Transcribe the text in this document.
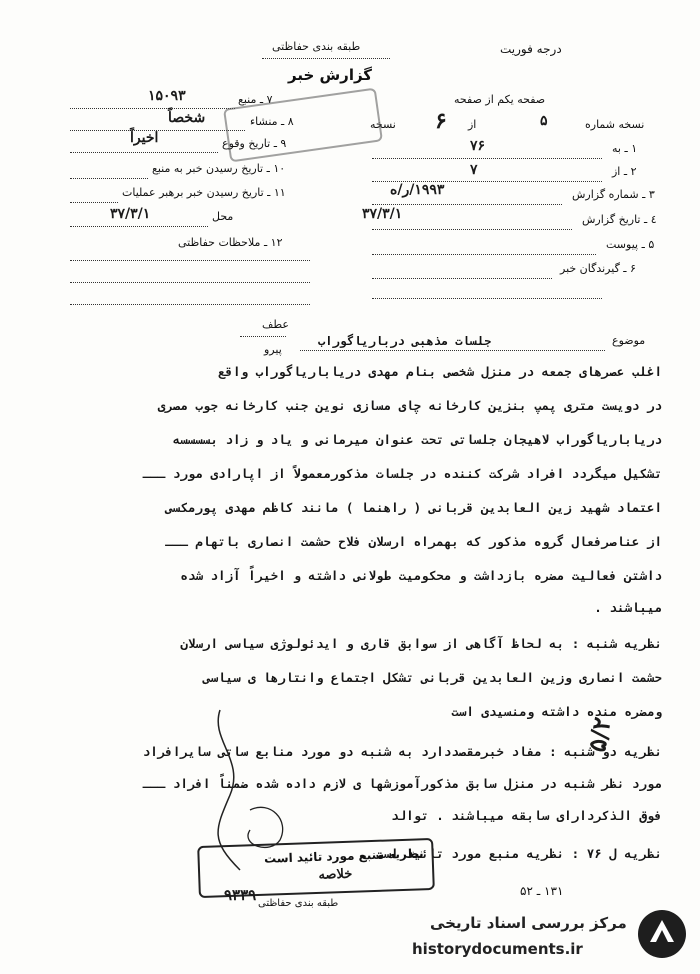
درجه فوریت
طبقه بندی حفاظتی
گزارش خبر
صفحه یکم از صفحه
نسخه شماره
۵
از
۶
نسخه
۱ ـ به
۷۶
۲ ـ از
۷
۳ ـ شماره گزارش
۱۹۹۳/ر/ه
٤ ـ تاریخ گزارش
۳۷/۳/۱
۵ ـ پیوست
۶ ـ گیرندگان خبر
۷ ـ منبع
۱۵۰۹۳
۸ ـ منشاء
شخصاً
۹ ـ تاریخ وقوع
اخیراً
۱۰ ـ تاریخ رسیدن خبر به منبع
۱۱ ـ تاریخ رسیدن خبر برهبر عملیات
محل
۳۷/۳/۱
۱۲ ـ ملاحظات حفاظتی
عطف
پیرو
موضوع
جلسات مذهبی درباریاگوراب
اغلب عصرهای جمعه در منزل شخصی بنام مهدی دریاباریاگوراب واقع
در دویست متری پمپ بنزین کارخانه چای مسازی نوین جنب کارخانه جوب مصری
دریاباریاگوراب لاهیجان جلساتی تحت عنوان میرمانی و یاد و زاد بسسسسه
تشکیل میگردد افراد شرکت کننده در جلسات مذکورمعمولاً از اپارادی مورد ـــ
اعتماد شهید زین العابدین قربانی ( راهنما ) مانند کاظم مهدی پورمکسی
از عناصرفعال گروه مذکور که بهمراه ارسلان فلاح حشمت انصاری باتهام ـــ
داشتن فعالیت مضره بازداشت و محکومیت طولانی داشته و اخیراً آزاد شده
میباشند .
نظریه شنبه : به لحاظ آگاهی از سوابق قاری و ایدئولوژی سیاسی ارسلان
حشمت انصاری وزین العابدین قربانی تشکل اجتماع وانتارها ی سیاسی
ومضره منده داشته ومنسیدی است
نظریه دو شنبه : مفاد خبرمقصددارد به شنبه دو مورد منابع ساتی سایرافراد
مورد نظر شنبه در منزل سابق مذکورآموزشها ی لازم داده شده ضمناً افراد ـــ
فوق الذکردارای سابقه میباشند . توالد
نظریه ل ۷۶ : نظریه منبع مورد تائید است .
۵/۲
نظریه منبع مورد تائید است
خلاصه
۹۳۳۹	۱۳۱ ـ ۵۲
طبقه بندی حفاظتی
مرکز بررسی اسناد تاریخی
historydocuments.ir
